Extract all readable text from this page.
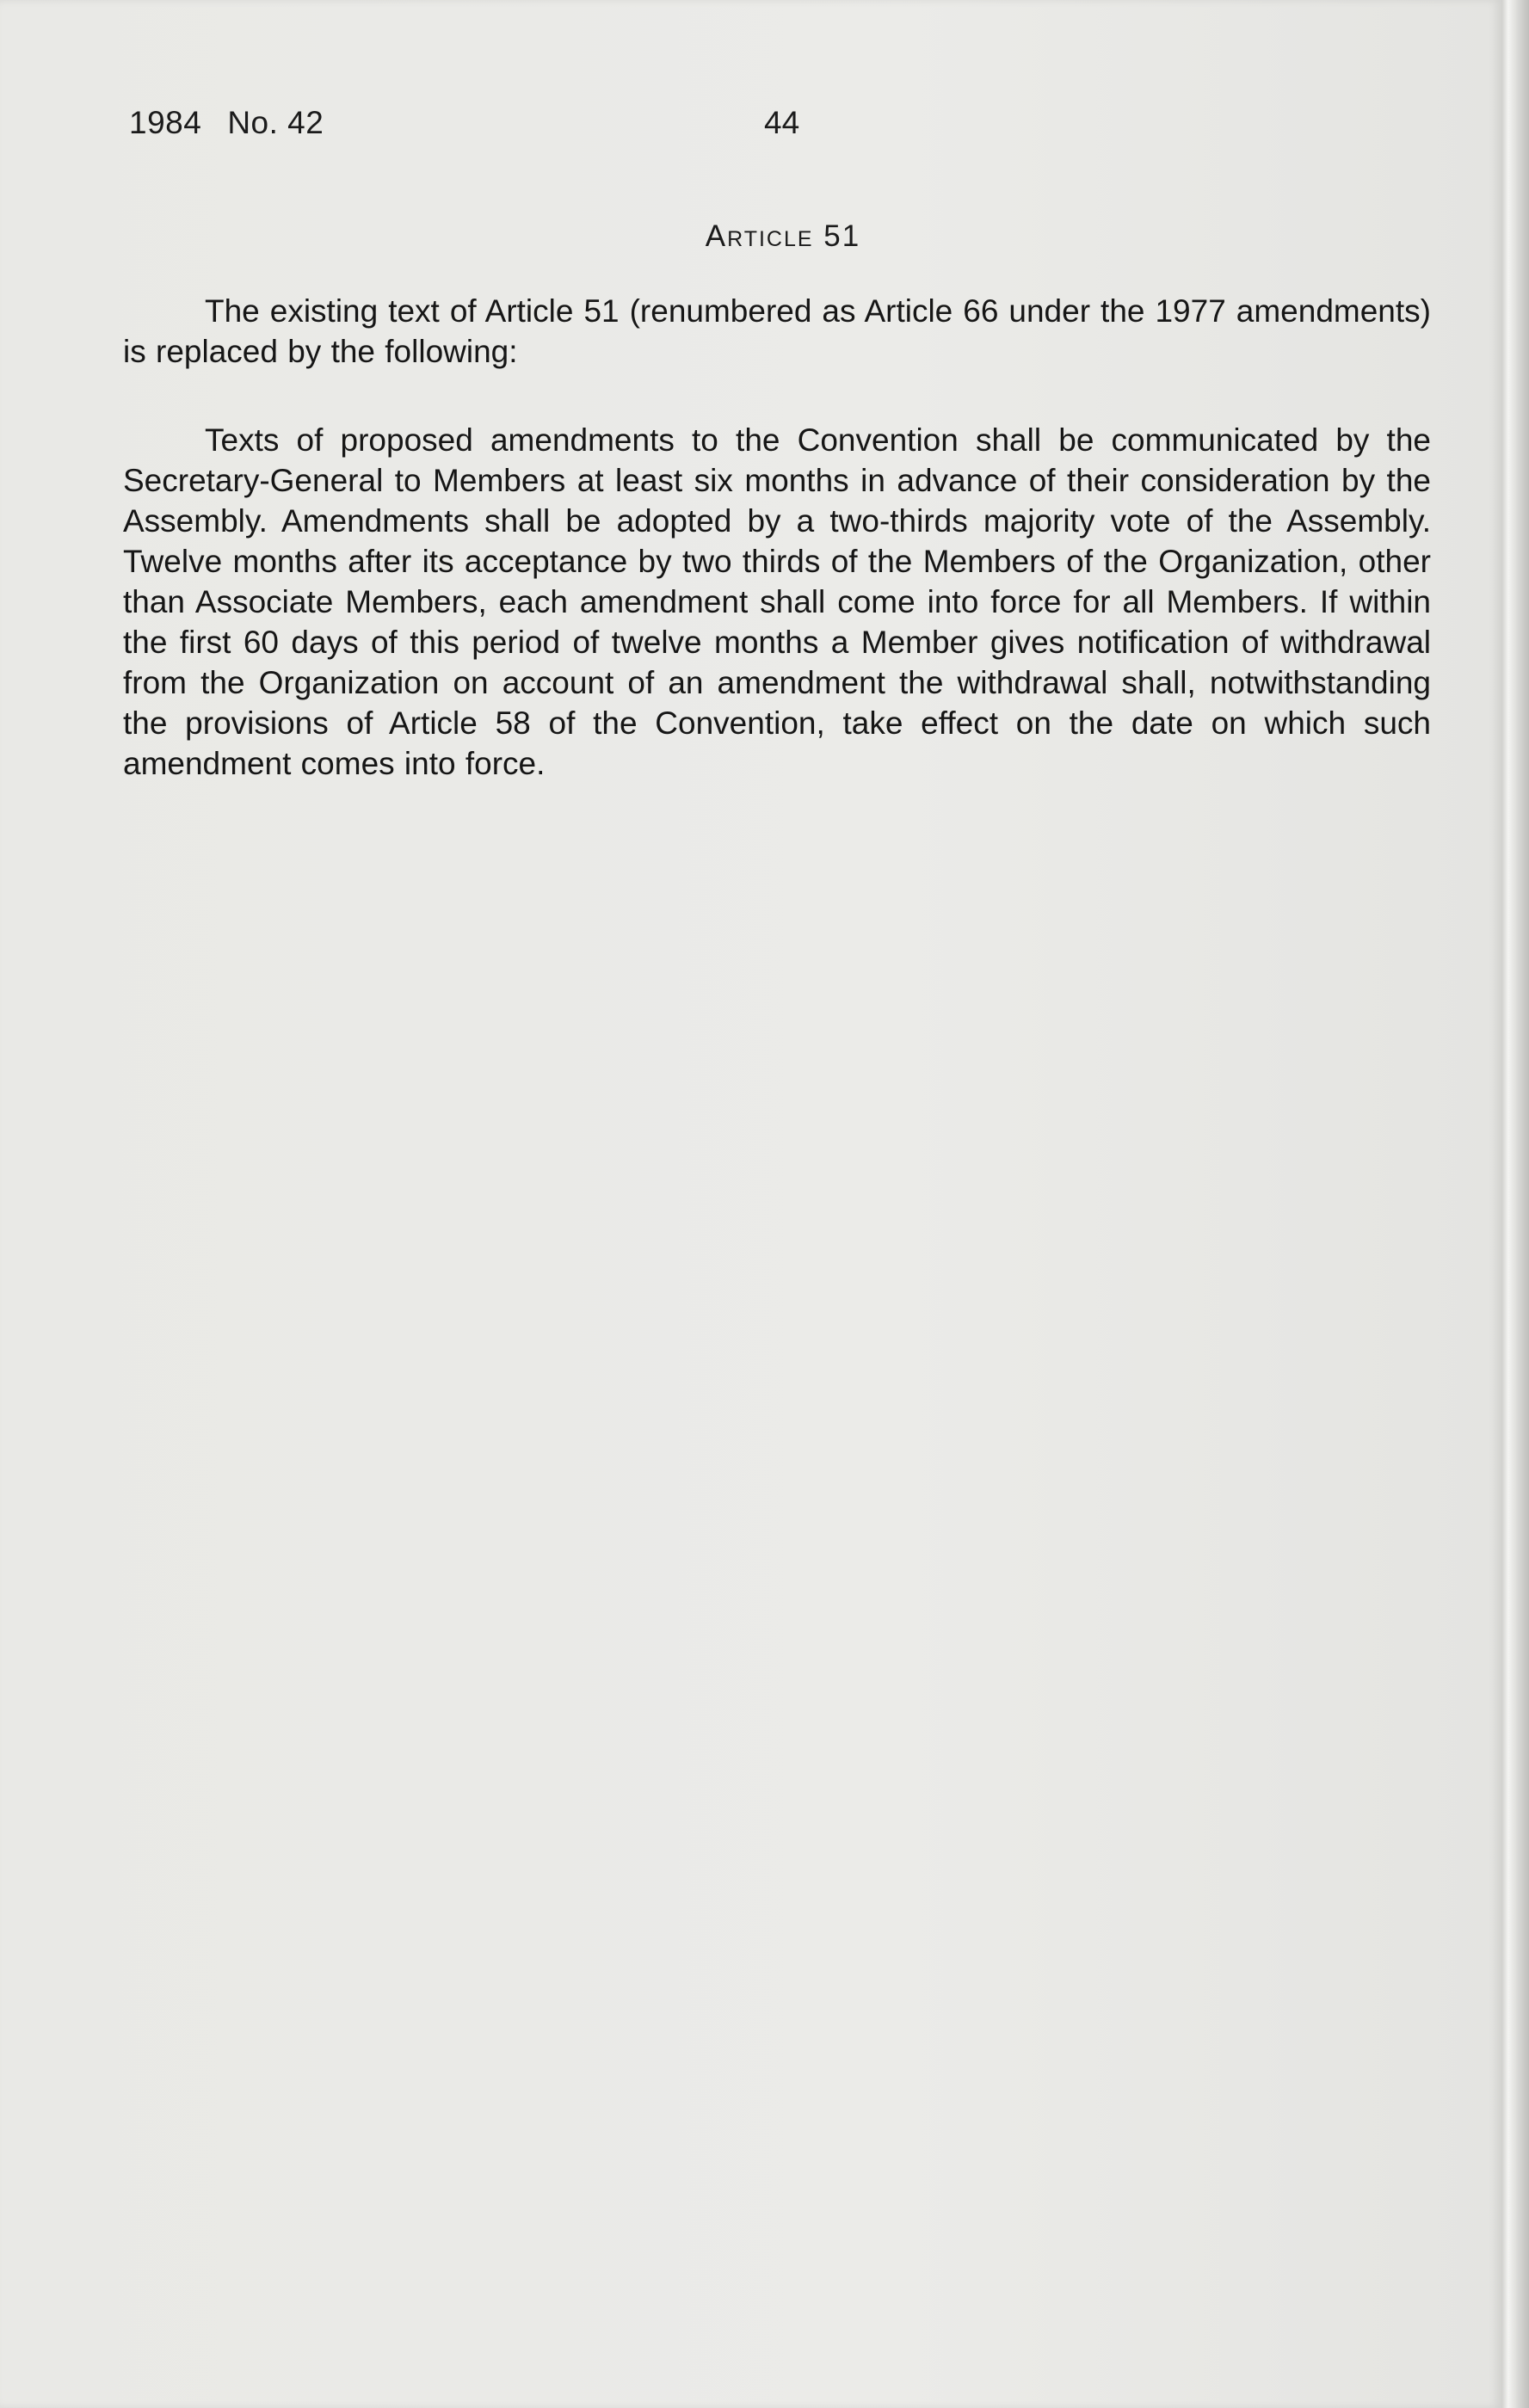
1984 No. 42	44
Article 51

The existing text of Article 51 (renumbered as Article 66 under the 1977 amendments) is replaced by the following:

Texts of proposed amendments to the Convention shall be communicated by the Secretary-General to Members at least six months in advance of their consideration by the Assembly. Amendments shall be adopted by a two-thirds majority vote of the Assembly. Twelve months after its acceptance by two thirds of the Members of the Organization, other than Associate Members, each amendment shall come into force for all Members. If within the first 60 days of this period of twelve months a Member gives notification of withdrawal from the Organization on account of an amendment the withdrawal shall, notwithstanding the provisions of Article 58 of the Convention, take effect on the date on which such amendment comes into force.
